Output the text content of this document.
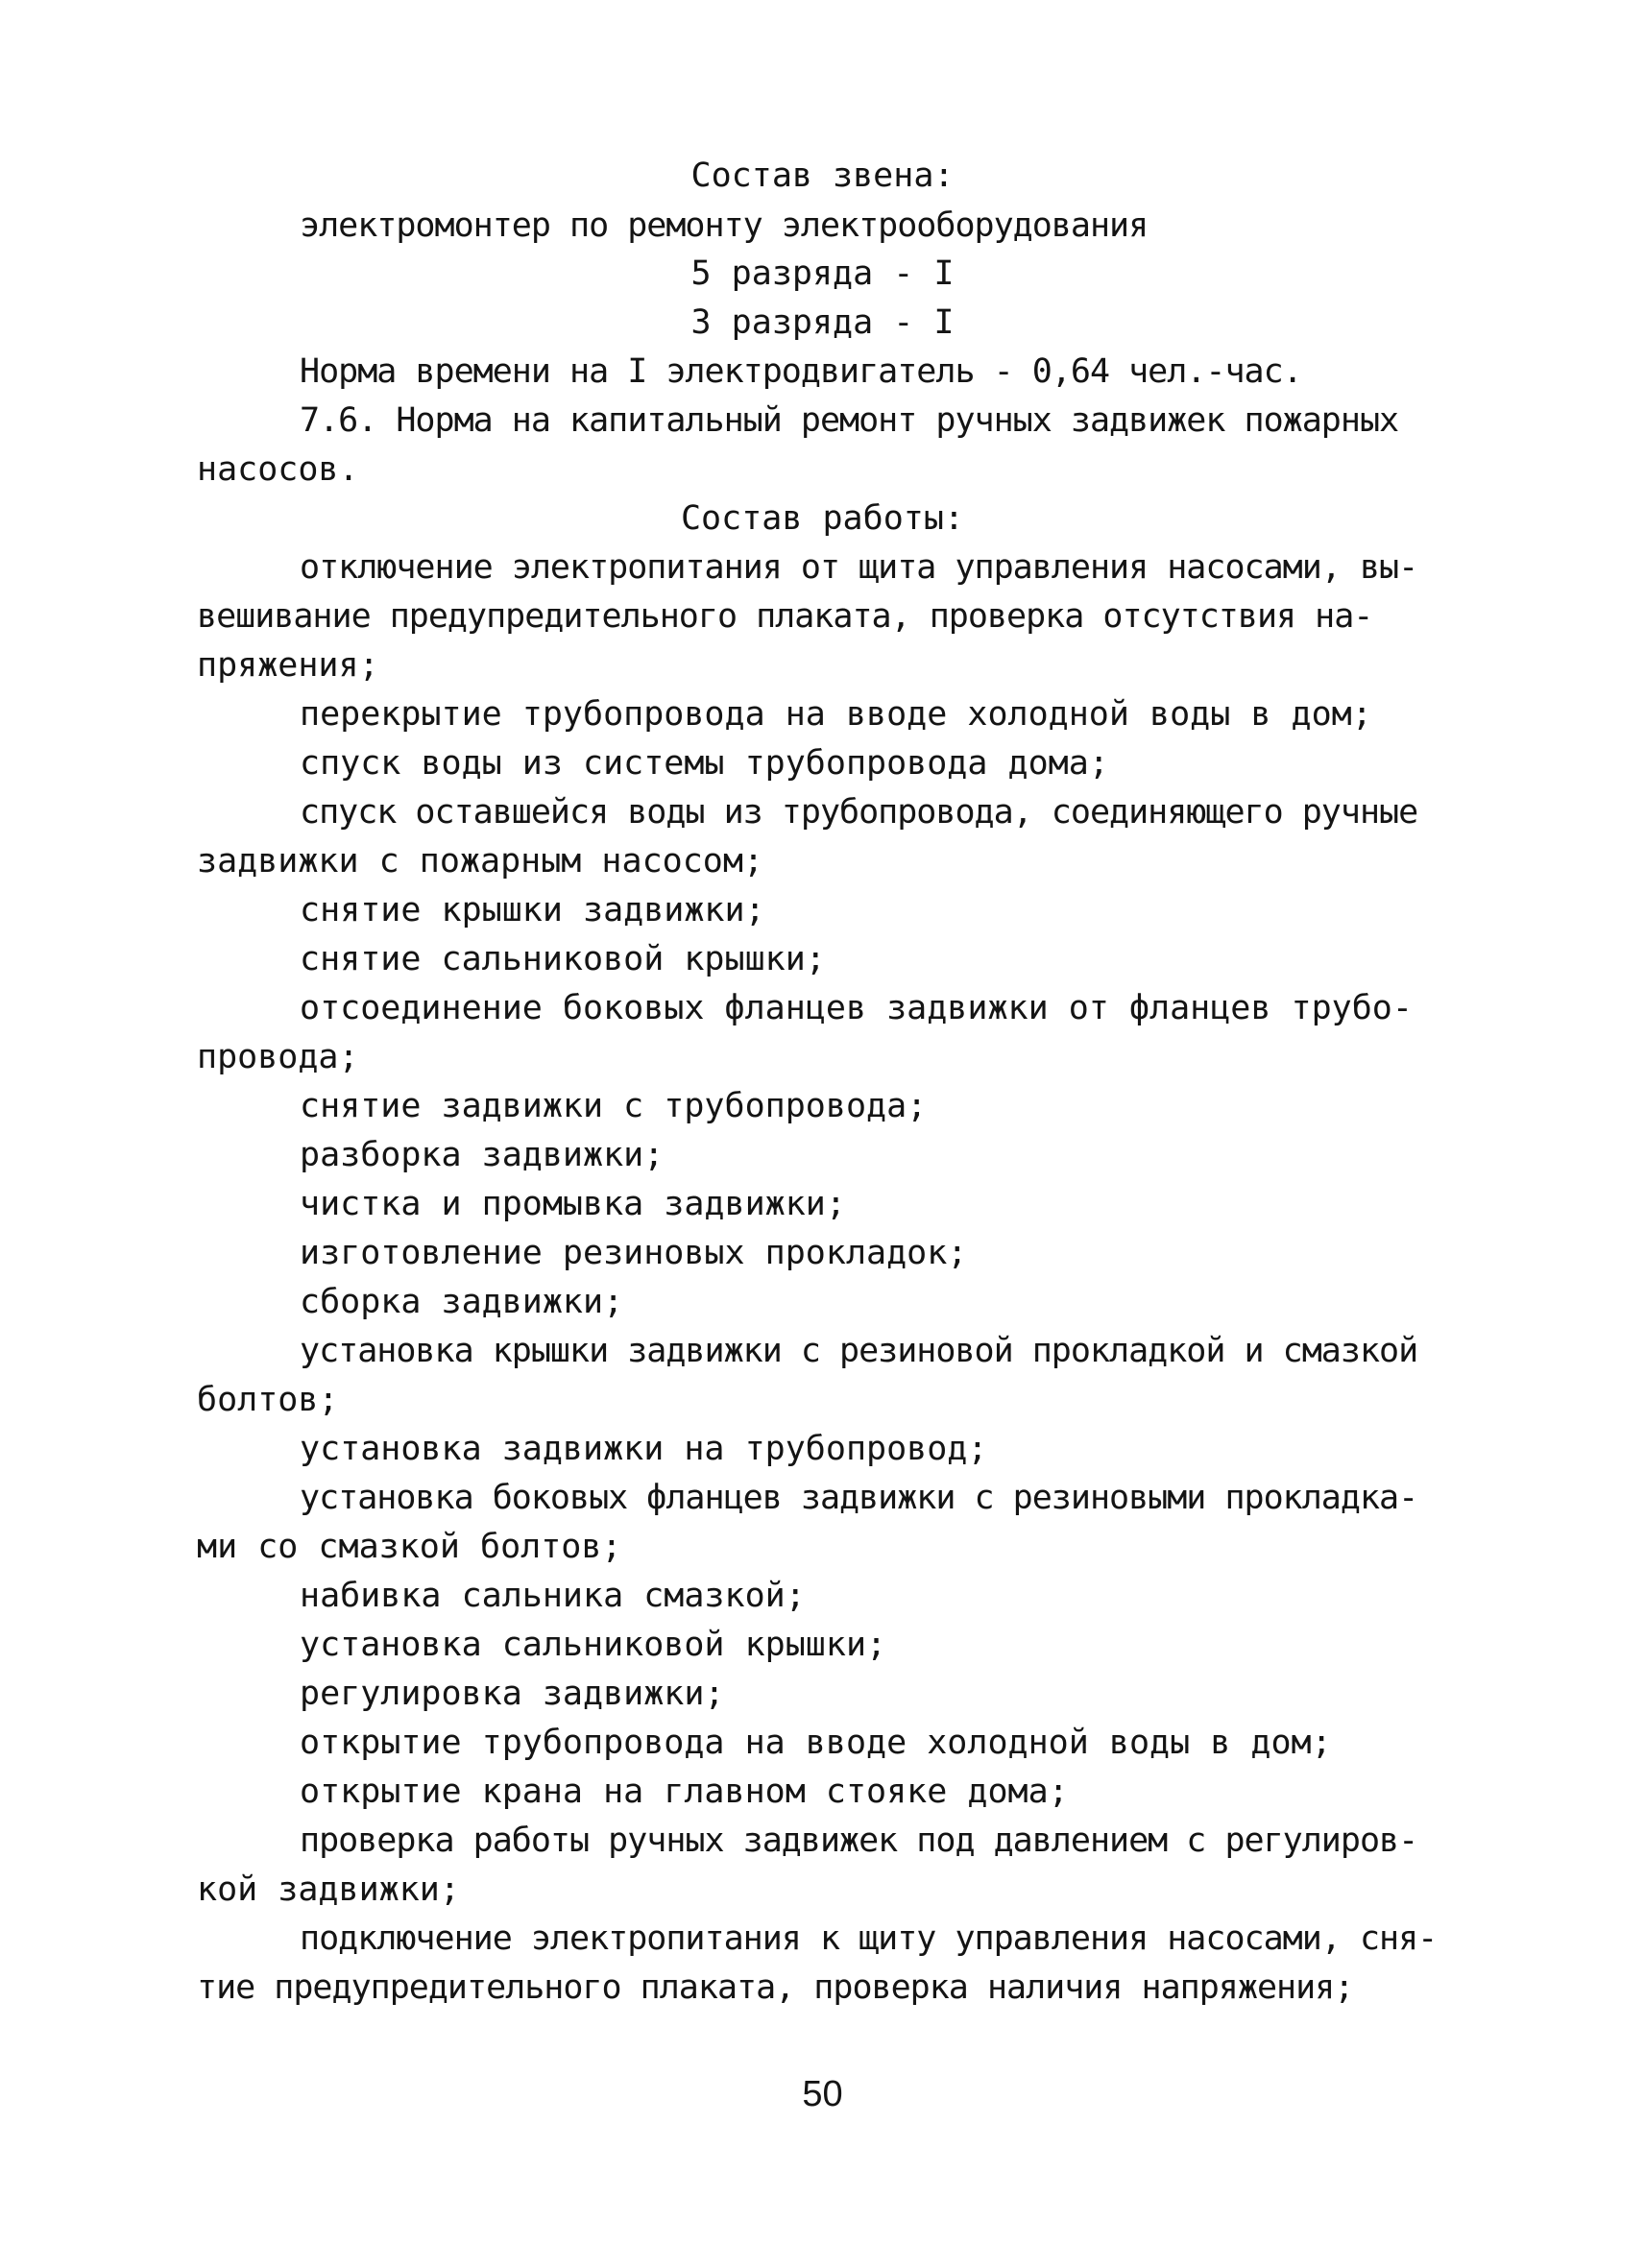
Состав звена:
электромонтер по ремонту электрооборудования
5 разряда - I
3 разряда - I
Норма времени на I электродвигатель - 0,64 чел.-час.
7.6. Норма на капитальный ремонт ручных задвижек пожарных
насосов.
Состав работы:
отключение электропитания от щита управления насосами, вы-
вешивание предупредительного плаката, проверка отсутствия на-
пряжения;
перекрытие трубопровода на вводе холодной воды в дом;
спуск воды из системы трубопровода дома;
спуск оставшейся воды из трубопровода, соединяющего ручные
задвижки с пожарным насосом;
снятие крышки задвижки;
снятие сальниковой крышки;
отсоединение боковых фланцев задвижки от фланцев трубо-
провода;
снятие задвижки с трубопровода;
разборка задвижки;
чистка и промывка задвижки;
изготовление резиновых прокладок;
сборка задвижки;
установка крышки задвижки с резиновой прокладкой и смазкой
болтов;
установка задвижки на трубопровод;
установка боковых фланцев задвижки с резиновыми прокладка-
ми со смазкой болтов;
набивка сальника смазкой;
установка сальниковой крышки;
регулировка задвижки;
открытие трубопровода на вводе холодной воды в дом;
открытие крана на главном стояке дома;
проверка работы ручных задвижек под давлением с регулиров-
кой задвижки;
подключение электропитания к щиту управления насосами, сня-
тие предупредительного плаката, проверка наличия напряжения;
50
